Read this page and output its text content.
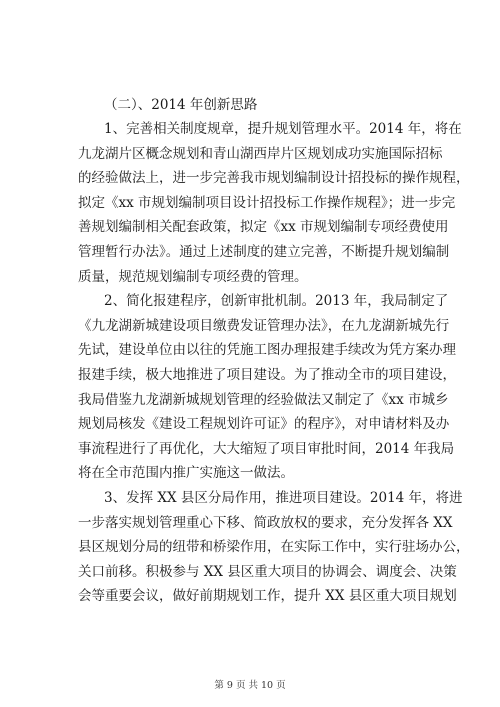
（二）、2014 年创新思路

1、完善相关制度规章，提升规划管理水平。2014 年，将在
九龙湖片区概念规划和青山湖西岸片区规划成功实施国际招标
的经验做法上，进一步完善我市规划编制设计招投标的操作规程，
拟定《xx 市规划编制项目设计招投标工作操作规程》；进一步完
善规划编制相关配套政策，拟定《xx 市规划编制专项经费使用
管理暂行办法》。通过上述制度的建立完善，不断提升规划编制
质量，规范规划编制专项经费的管理。

2、简化报建程序，创新审批机制。2013 年，我局制定了
《九龙湖新城建设项目缴费发证管理办法》，在九龙湖新城先行
先试，建设单位由以往的凭施工图办理报建手续改为凭方案办理
报建手续，极大地推进了项目建设。为了推动全市的项目建设，
我局借鉴九龙湖新城规划管理的经验做法又制定了《xx 市城乡
规划局核发《建设工程规划许可证》的程序》，对申请材料及办
事流程进行了再优化，大大缩短了项目审批时间，2014 年我局
将在全市范围内推广实施这一做法。

3、发挥 XX 县区分局作用，推进项目建设。2014 年，将进
一步落实规划管理重心下移、简政放权的要求，充分发挥各 XX
县区规划分局的纽带和桥梁作用，在实际工作中，实行驻场办公，
关口前移。积极参与 XX 县区重大项目的协调会、调度会、决策
会等重要会议，做好前期规划工作，提升 XX 县区重大项目规划

第 9 页 共 10 页
